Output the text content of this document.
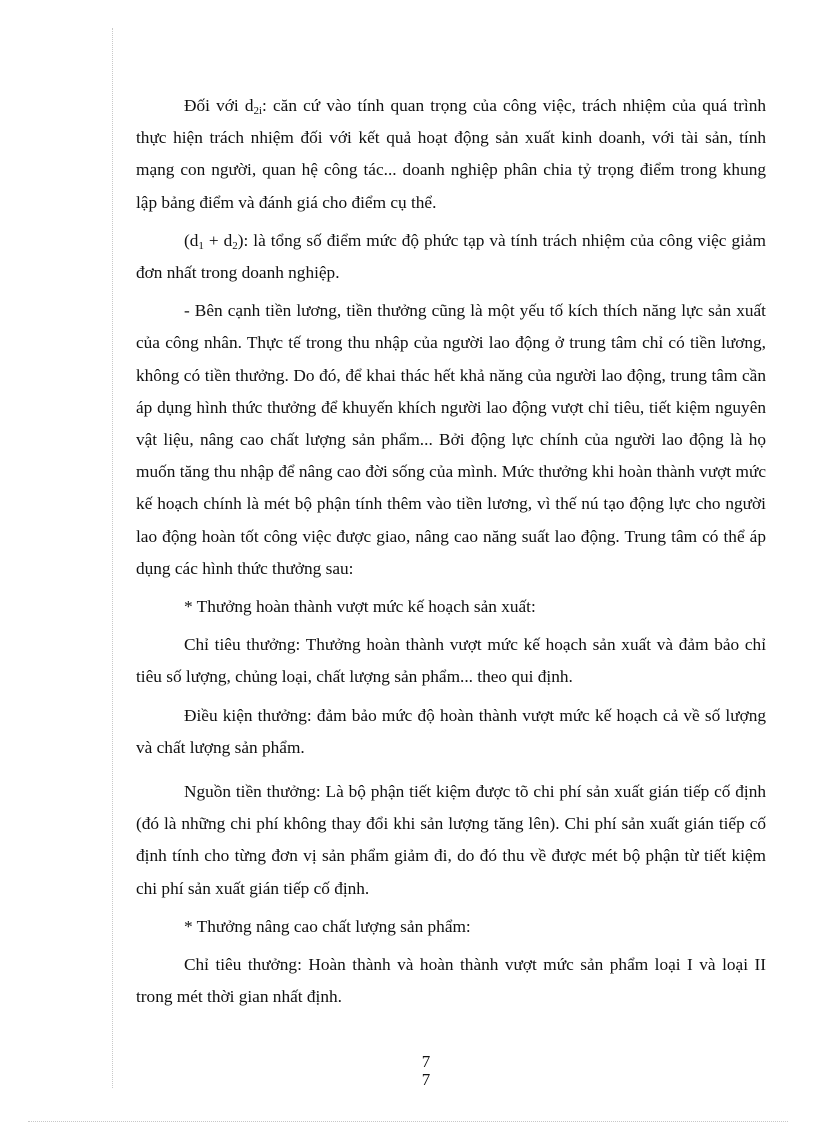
Đối với $d_{2i}$: căn cứ vào tính quan trọng của công việc, trách nhiệm của quá trình thực hiện trách nhiệm đối với kết quả hoạt động sản xuất kinh doanh, với tài sản, tính mạng con người, quan hệ công tác... doanh nghiệp phân chia tỷ trọng điểm trong khung lập bảng điểm và đánh giá cho điểm cụ thể.

$(d_1 + d_2)$: là tổng số điểm mức độ phức tạp và tính trách nhiệm của công việc giảm đơn nhất trong doanh nghiệp.

- Bên cạnh tiền lương, tiền thưởng cũng là một yếu tố kích thích năng lực sản xuất của công nhân. Thực tế trong thu nhập của người lao động ở trung tâm chỉ có tiền lương, không có tiền thưởng. Do đó, để khai thác hết khả năng của người lao động, trung tâm cần áp dụng hình thức thưởng để khuyến khích người lao động vượt chỉ tiêu, tiết kiệm nguyên vật liệu, nâng cao chất lượng sản phẩm... Bởi động lực chính của người lao động là họ muốn tăng thu nhập để nâng cao đời sống của mình. Mức thưởng khi hoàn thành vượt mức kế hoạch chính là mét bộ phận tính thêm vào tiền lương, vì thế nú tạo động lực cho người lao động hoàn tốt công việc được giao, nâng cao năng suất lao động. Trung tâm có thể áp dụng các hình thức thưởng sau:

* Thưởng hoàn thành vượt mức kế hoạch sản xuất:

Chỉ tiêu thưởng: Thưởng hoàn thành vượt mức kế hoạch sản xuất và đảm bảo chỉ tiêu số lượng, chủng loại, chất lượng sản phẩm... theo qui định.

Điều kiện thưởng: đảm bảo mức độ hoàn thành vượt mức kế hoạch cả về số lượng và chất lượng sản phẩm.

Nguồn tiền thưởng: Là bộ phận tiết kiệm được tõ chi phí sản xuất gián tiếp cố định (đó là những chi phí không thay đổi khi sản lượng tăng lên). Chi phí sản xuất gián tiếp cố định tính cho từng đơn vị sản phẩm giảm đi, do đó thu về được mét bộ phận từ tiết kiệm chi phí sản xuất gián tiếp cố định.

* Thưởng nâng cao chất lượng sản phẩm:

Chỉ tiêu thưởng: Hoàn thành và hoàn thành vượt mức sản phẩm loại I và loại II trong mét thời gian nhất định.

7
7
